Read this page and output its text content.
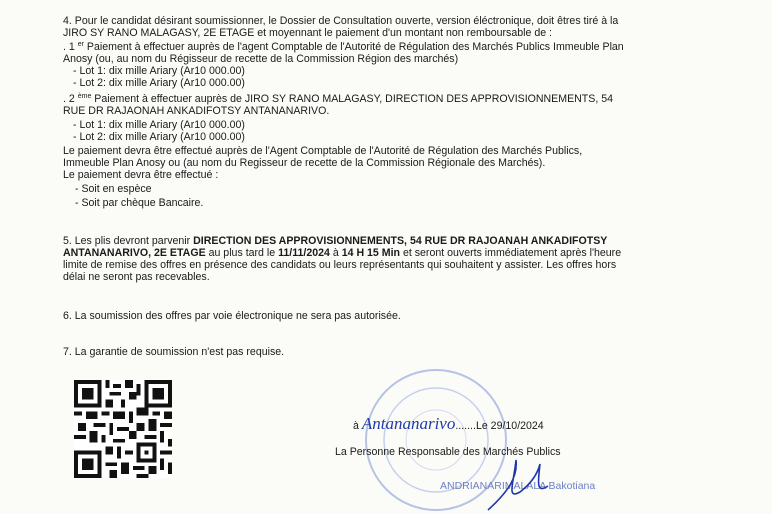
4. Pour le candidat désirant soumissionner, le Dossier de Consultation ouverte, version éléctronique, doit êtres tiré à la
JIRO SY RANO MALAGASY, 2E ETAGE et moyennant le paiement d'un montant non remboursable de :
. 1 $^{er}$ Paiement à effectuer auprès de l'agent Comptable de l'Autorité de Régulation des Marchés Publics Immeuble Plan
Anosy (ou, au nom du Régisseur de recette de la Commission Région des marchés)
- Lot 1: dix mille Ariary (Ar10 000.00)
- Lot 2: dix mille Ariary (Ar10 000.00)
. 2 $^{ème}$ Paiement à effectuer auprès de JIRO SY RANO MALAGASY, DIRECTION DES APPROVISIONNEMENTS, 54
RUE DR RAJAONAH ANKADIFOTSY ANTANANARIVO.
- Lot 1: dix mille Ariary (Ar10 000.00)
- Lot 2: dix mille Ariary (Ar10 000.00)
Le paiement devra être effectué auprès de l'Agent Comptable de l'Autorité de Régulation des Marchés Publics,
Immeuble Plan Anosy ou (au nom du Regisseur de recette de la Commission Régionale des Marchés).
Le paiement devra être effectué :
- Soit en espèce
- Soit par chèque Bancaire.
5. Les plis devront parvenir DIRECTION DES APPROVISIONNEMENTS, 54 RUE DR RAJOANAH ANKADIFOTSY
ANTANANARIVO, 2E ETAGE au plus tard le 11/11/2024 à 14 H 15 Min et seront ouverts immédiatement après l'heure
limite de remise des offres en présence des candidats ou leurs représentants qui souhaitent y assister. Les offres hors
délai ne seront pas recevables.
6. La soumission des offres par voie électronique ne sera pas autorisée.
7. La garantie de soumission n'est pas requise.
à Antananarivo.......Le 29/10/2024
La Personne Responsable des Marchés Publics
ANDRIANARIMALALA Bakotiana
